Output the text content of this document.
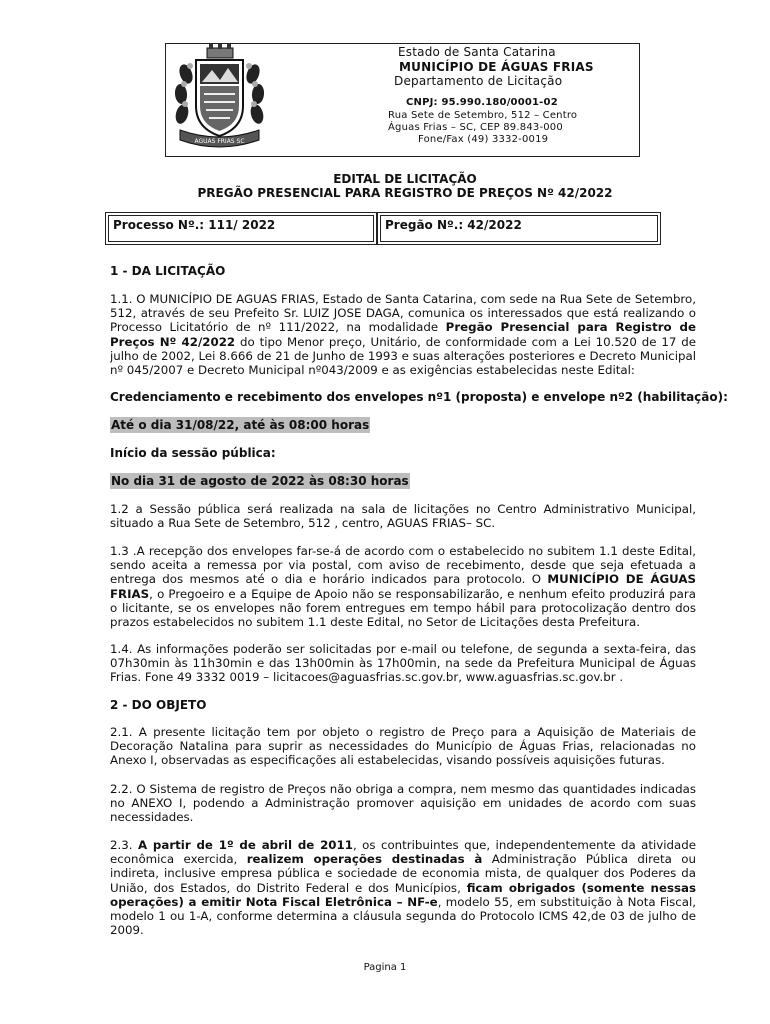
Estado de Santa Catarina
MUNICÍPIO DE ÁGUAS FRIAS
Departamento de Licitação
CNPJ: 95.990.180/0001-02
Rua Sete de Setembro, 512 – Centro
Águas Frias – SC, CEP 89.843-000
Fone/Fax (49) 3332-0019
AGUAS FRIAS SC
EDITAL DE LICITAÇÃO
PREGÃO PRESENCIAL PARA REGISTRO DE PREÇOS Nº 42/2022
Processo Nº.: 111/ 2022	Pregão Nº.: 42/2022
1 - DA LICITAÇÃO
1.1. O MUNICÍPIO DE AGUAS FRIAS, Estado de Santa Catarina, com sede na Rua Sete de Setembro, 512, através de seu Prefeito Sr. LUIZ JOSE DAGA, comunica os interessados que está realizando o Processo Licitatório de nº 111/2022, na modalidade Pregão Presencial para Registro de Preços Nº 42/2022 do tipo Menor preço, Unitário, de conformidade com a Lei 10.520 de 17 de julho de 2002, Lei 8.666 de 21 de Junho de 1993 e suas alterações posteriores e Decreto Municipal nº 045/2007 e Decreto Municipal nº043/2009 e as exigências estabelecidas neste Edital:
Credenciamento e recebimento dos envelopes nº1 (proposta) e envelope nº2 (habilitação):
Até o dia 31/08/22, até às 08:00 horas
Início da sessão pública:
No dia 31 de agosto de 2022 às 08:30 horas
1.2 a Sessão pública será realizada na sala de licitações no Centro Administrativo Municipal, situado a Rua Sete de Setembro, 512 , centro, AGUAS FRIAS– SC.
1.3 .A recepção dos envelopes far-se-á de acordo com o estabelecido no subitem 1.1 deste Edital, sendo aceita a remessa por via postal, com aviso de recebimento, desde que seja efetuada a entrega dos mesmos até o dia e horário indicados para protocolo. O MUNICÍPIO DE ÁGUAS FRIAS, o Pregoeiro e a Equipe de Apoio não se responsabilizarão, e nenhum efeito produzirá para o licitante, se os envelopes não forem entregues em tempo hábil para protocolização dentro dos prazos estabelecidos no subitem 1.1 deste Edital, no Setor de Licitações desta Prefeitura.
1.4. As informações poderão ser solicitadas por e-mail ou telefone, de segunda a sexta-feira, das 07h30min às 11h30min e das 13h00min às 17h00min, na sede da Prefeitura Municipal de Águas Frias. Fone 49 3332 0019 – licitacoes@aguasfrias.sc.gov.br, www.aguasfrias.sc.gov.br .
2 - DO OBJETO
2.1. A presente licitação tem por objeto o registro de Preço para a Aquisição de Materiais de Decoração Natalina para suprir as necessidades do Município de Águas Frias, relacionadas no Anexo I, observadas as especificações ali estabelecidas, visando possíveis aquisições futuras.
2.2. O Sistema de registro de Preços não obriga a compra, nem mesmo das quantidades indicadas no ANEXO I, podendo a Administração promover aquisição em unidades de acordo com suas necessidades.
2.3. A partir de 1º de abril de 2011, os contribuintes que, independentemente da atividade econômica exercida, realizem operações destinadas à Administração Pública direta ou indireta, inclusive empresa pública e sociedade de economia mista, de qualquer dos Poderes da União, dos Estados, do Distrito Federal e dos Municípios, ficam obrigados (somente nessas operações) a emitir Nota Fiscal Eletrônica – NF-e, modelo 55, em substituição à Nota Fiscal, modelo 1 ou 1-A, conforme determina a cláusula segunda do Protocolo ICMS 42,de 03 de julho de 2009.
Pagina 1
